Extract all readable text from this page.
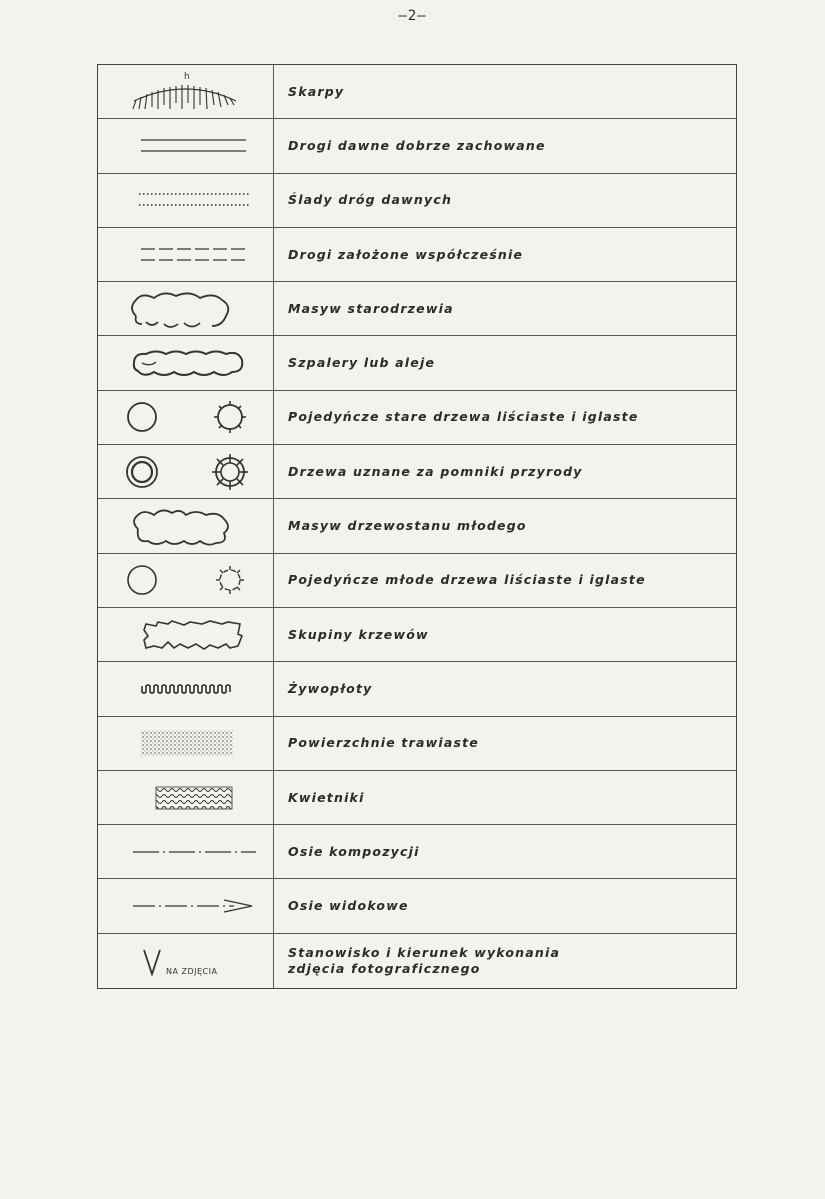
—2—
h
Skarpy
Drogi dawne dobrze zachowane
Ślady dróg dawnych
Drogi założone współcześnie
Masyw starodrzewia
Szpalery lub aleje
Pojedyńcze stare drzewa liściaste i iglaste
Drzewa uznane za pomniki przyrody
Masyw drzewostanu młodego
Pojedyńcze młode drzewa liściaste i iglaste
Skupiny krzewów
Żywopłoty
Powierzchnie trawiaste
Kwietniki
Osie kompozycji
Osie widokowe
NA ZDJĘCIA
Stanowisko i kierunek wykonania
zdjęcia fotograficznego
